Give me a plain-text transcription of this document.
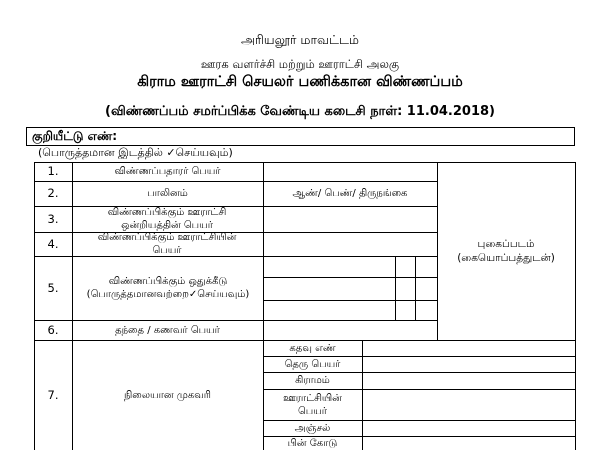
அரியலூர் மாவட்டம்
ஊரக வளர்ச்சி மற்றும் ஊராட்சி அலகு
கிராம ஊராட்சி செயலர் பணிக்கான விண்ணப்பம்
(விண்ணப்பம் சமர்ப்பிக்க வேண்டிய கடைசி நாள்: 11.04.2018)
குறியீட்டு எண்:
(பொருத்தமான இடத்தில் ✓செய்யவும்)
1.
2.
3.
4.
5.
6.
7.
விண்ணப்பதாரர் பெயர்
பாலினம்
விண்ணப்பிக்கும் ஊராட்சி ஒன்றியத்தின் பெயர்
விண்ணப்பிக்கும் ஊராட்சியின் பெயர்
விண்ணப்பிக்கும் ஒதுக்கீடு (பொருத்தமானவற்றை✓செய்யவும்)
தந்தை / கணவர் பெயர்
நிலையான முகவரி
ஆண்/ பெண்/ திருநங்கை
புகைப்படம்
(கையொப்பத்துடன்)
கதவு எண்
தெரு பெயர்
கிராமம்
ஊராட்சியின் பெயர்
அஞ்சல்
பின் கோடு
